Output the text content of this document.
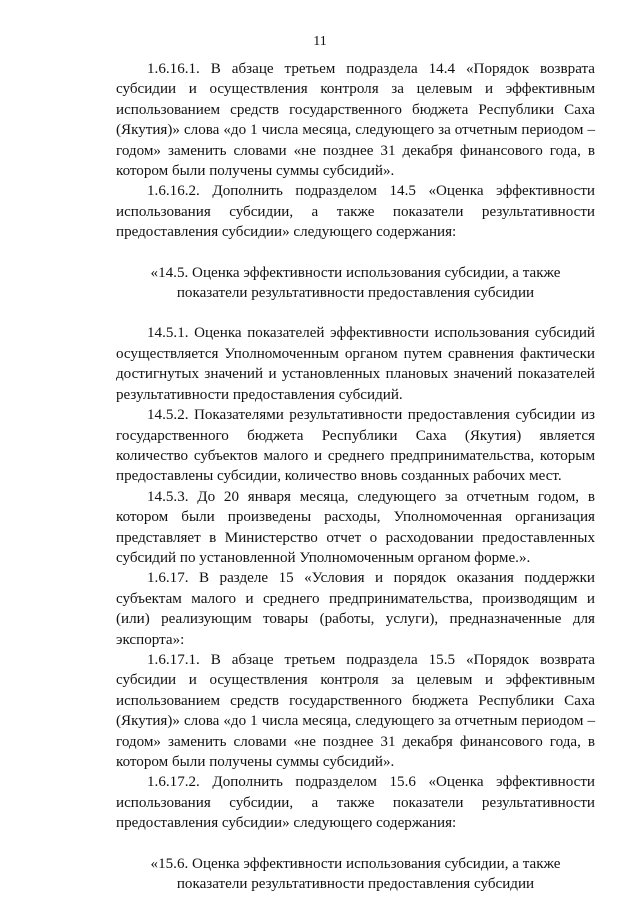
11

1.6.16.1. В абзаце третьем подраздела 14.4 «Порядок возврата субсидии и осуществления контроля за целевым и эффективным использованием средств государственного бюджета Республики Саха (Якутия)» слова «до 1 числа месяца, следующего за отчетным периодом – годом» заменить словами «не позднее 31 декабря финансового года, в котором были получены суммы субсидий».

1.6.16.2. Дополнить подразделом 14.5 «Оценка эффективности использования субсидии, а также показатели результативности предоставления субсидии» следующего содержания:

«14.5. Оценка эффективности использования субсидии, а также показатели результативности предоставления субсидии

14.5.1. Оценка показателей эффективности использования субсидий осуществляется Уполномоченным органом путем сравнения фактически достигнутых значений и установленных плановых значений показателей результативности предоставления субсидий.

14.5.2. Показателями результативности предоставления субсидии из государственного бюджета Республики Саха (Якутия) является количество субъектов малого и среднего предпринимательства, которым предоставлены субсидии, количество вновь созданных рабочих мест.

14.5.3. До 20 января месяца, следующего за отчетным годом, в котором были произведены расходы, Уполномоченная организация представляет в Министерство отчет о расходовании предоставленных субсидий по установленной Уполномоченным органом форме.».

1.6.17. В разделе 15 «Условия и порядок оказания поддержки субъектам малого и среднего предпринимательства, производящим и (или) реализующим товары (работы, услуги), предназначенные для экспорта»:

1.6.17.1. В абзаце третьем подраздела 15.5 «Порядок возврата субсидии и осуществления контроля за целевым и эффективным использованием средств государственного бюджета Республики Саха (Якутия)» слова «до 1 числа месяца, следующего за отчетным периодом – годом» заменить словами «не позднее 31 декабря финансового года, в котором были получены суммы субсидий».

1.6.17.2. Дополнить подразделом 15.6 «Оценка эффективности использования субсидии, а также показатели результативности предоставления субсидии» следующего содержания:

«15.6. Оценка эффективности использования субсидии, а также показатели результативности предоставления субсидии
